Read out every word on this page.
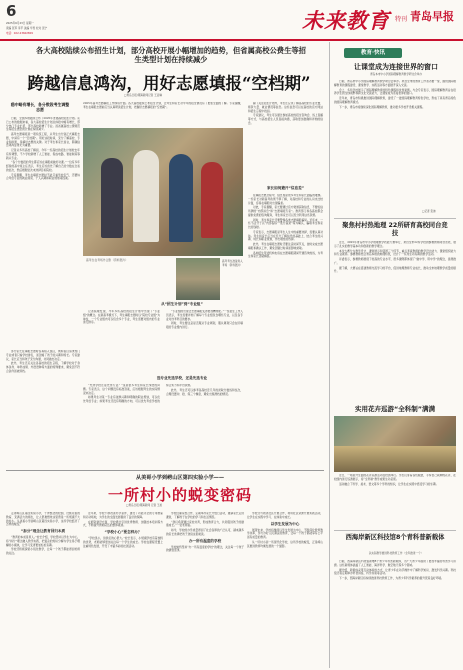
6
2025年6月23日 星期一
责编 张军 李平 美编 毕雪 校对 张宁
电话：022-23602809
未来教育 特刊 青岛早报
各大高校陆续公布招生计划，部分高校开展小幅增加的趋势，但省属高校公费生等招生类型计划在持续减少
跨越信息鸿沟，用好志愿填报“空档期”
□青岛日报/观海新闻记者 王亚琳
稳中略有增长，各分数段考生调整志愿

日前，全国多地陆续公布了2025年普通高校招生计划。从已公布的数据来看，各大高校招生计划总体稳中略有增长，部分热门专业扩招，部分高校新增了专业。而省属高校公费师范生等招生类型的计划在持续减少。

高考志愿填报是一项系统工程，从考生出分到正式填报志愿，中间有一个“空档期”。用好这段时间，充分了解高校、专业和政策，是填好志愿的关键。对于考生和家长而言，跨越信息鸿沟显得尤为重要。

记者从多所高校了解到，今年一些高校的招生计划较去年有所调整，不少学校新增了人工智能、集成电路、智能制造等新兴专业。

“各个分数段的考生都应该在填报前做好功课。”一位有多年经验的高中班主任表示，考生应该首先了解自己的分数在全省的位次，然后根据位次来选择目标院校。

专家提醒，考生在填报志愿时不能只看学校名气，还要综合考虑专业的就业前景、个人兴趣和职业规划等因素。

部分家长在填报志愿时容易陷入误区，例如盲目追求热门专业或者只看学校排名，而忽略了孩子的兴趣和特长。专家建议，家长应当和孩子充分沟通，共同做出决定。

此外，考生还应关注各高校的招生章程，了解学校对于身体条件、单科成绩、外语语种等方面的特殊要求，避免因不符合条件而被退档。

2025年高考志愿填报工作即将开始。各大高校陆续公布招生计划，让考生和家长对今年的招生情况有了更加全面的了解。专家提醒，考生在填报志愿前应当认真研读招生计划，把握好志愿填报的“空档期”。

高考生在考场外合影（资料图片）	高考考生准备进入考场（资料图片）
从“招生计划”到“专业组”

记者梳理发现，今年多所高校的招生计划中出现了“专业组”的概念。在新高考模式下，考生填报志愿时以“院校专业组”为单位，一个专业组内可以包含多个专业，考生需要对组内的专业进行排序。

“专业组的出现让志愿填报变得更加精细化。”一位招生工作人员表示，考生需要详细了解每个专业组包含哪些专业，以及各专业对选考科目的要求。

同时，考生要注意是否服从专业调剂，服从调剂只会在所填报的专业组内进行。

选专业先选学校，还是先选专业

“先选学校还是先选专业？”这是很多考生和家长纠结的问题。专家表示，这个问题没有标准答案，应该根据考生的实际情况来决定。

如果考生对某一专业有浓厚兴趣和明确的职业规划，可以优先考虑专业；如果考生还没有明确的方向，可以优先考虑学校的综合实力和平台资源。

此外，考生还可以参考各高校近几年的录取分数线和位次，合理设置冲、稳、保三个梯度，避免出现滑档的情况。

除了关注招生计划外，考生还应该了解各高校的专业设置、师资力量、就业情况等信息。这些信息可以在高校的官方网站和招生章程中找到。

专家建议，考生可以通过参加高校的招生咨询会、线上直播等方式，与高校招生人员直接沟通，获取更加准确和详细的信息。

家长如何避开“信息差”

在填报志愿过程中，信息差是很多考生和家长面临的难题。一些家长对新高考政策不够了解，对高校和专业的认识也比较片面，容易在填报时出现偏差。

对此，专家提醒，家长要通过官方渠道获取信息，不要轻信所谓的“内部消息”和“志愿填报专家”。教育部门和各高校都会提供免费的咨询服务，考生和家长可以充分利用这些资源。

同时，考生和家长还要警惕各类志愿填报骗局。近年来，一些不法分子以“内部指标”“低分高录”等为噱头，骗取考生和家长的钱财。

专家表示，志愿填报是考生人生中的重要选择，需要认真对待。考生和家长应当在充分了解信息的基础上，结合考生的兴趣、特长和职业规划，作出理性的选择。

此外，考生在填报志愿时还要注意时间节点，按时完成志愿填报和确认工作，避免因错过时间而影响录取。

各地招生考试机构也将在志愿填报期间开通咨询热线，为考生和家长答疑解惑。

从美哥小学到崂山区第四实验小学——
一所村小的蜕变密码
□青岛日报/观海新闻 记者 王旭

走进崂山区第四实验小学，干净整洁的校园、设施完善的教室、充满活力的师生，让人很难想象这里曾是一所规模不大的村小。从美哥小学到崂山区第四实验小学，这所学校经历了怎样的蜕变？

“拆分”理念让教育回归本质

“教育的本质是育人。”校长介绍，学校坚持以学生为中心，将“拆分”理念融入教学实践，把复杂的知识分解为学生易于理解的小模块，让学习变得更加轻松有趣。

学校还积极探索小班化教学，让每一个孩子都能得到老师的关注。

近年来，学校不断改善办学条件，建设了功能齐全的专用教室和运动场地，为学生的全面发展提供了良好的保障。

在师资建设方面，学校通过引进优秀教师、加强校本培训等方式，不断提升教师队伍的整体素质。

“学校小心”要怎样办？

“学校虽小，但我们的心很大。”校长表示，小规模学校有着独特的优势，老师能够更加关注每一个学生的成长。学校在课程设置上注重特色发展，开设了丰富多彩的社团活动。

学校注重家校合作，定期举办家长开放日活动，邀请家长走进课堂，了解孩子在学校的学习和生活情况。

“我们希望通过家校共育，形成教育合力，共同促进孩子的健康成长。”一位老师说。

如今，学校的办学质量得到了社会各界的广泛认可，越来越多的家长选择把孩子送到这里就读。

办一所有温度的学校

学校始终坚持“办一所有温度的学校”的理念，关注每一个孩子的情感需求。

学校还与周边社区开展合作，利用社区资源开展实践活动，让学生在实践中学习、在体验中成长。

以学生发展为中心

展望未来，学校将继续以学生发展为中心，不断深化教育教学改革，努力办好人民满意的教育，让每一个孩子都能享有公平而有质量的教育。

从一所村小到一所现代化学校，这所学校的蜕变，正是崂山区推进教育均衡发展的一个缩影。

教育·快讯
让课堂成为连接世界的窗口
青岛本市中小学国际理解教育教学研讨会举办

日前，青岛市中小学国际理解教育教学研讨会举办。来自全市的教育工作者齐聚一堂，围绕国际理解教育的课程建设、课堂教学、实践活动等方面展开深入交流。

会上，多所学校展示了国际理解教育的特色课程和优秀案例。与会专家表示，国际理解教育旨在培养学生的全球视野和跨文化交流能力，让课堂成为连接世界的窗口。

近年来，青岛市积极推进国际理解教育，建设了一批国际理解教育特色学校，形成了具有青岛特色的国际理解教育模式。

下一步，青岛市将继续深化国际理解教育，推动更多学校开设相关课程。

□记者 张迪
聚焦村村热地理 22所研育高校同台竞技

近日，2025年青岛市中小学地理教学技能大赛举行，来自全市22所学校的参赛教师同台竞技，展示了扎实的教学基本功和创新的教学理念。

本次大赛分为教学设计、课堂展示和答辩三个环节，重点考查教师的教学设计能力、课堂组织能力和专业素养。参赛教师结合青岛本地的地理特色，设计了一系列生动有趣的教学活动。

评委表示，参赛教师展现了较高的专业水平，很多课例都体现了“做中学、用中学”的理念，值得推广。

据了解，大赛旨在搭建教师交流学习的平台，促进地理教师专业成长，推动全市地理教学质量的提升。

实用花卉巡游“全科制”满满

近日，一场别开生面的花卉巡游活动在校园举行。学生们身着各色服装，手持自己栽种的花卉，在校园内进行巡游展示，将“全科制”教学成果生动呈现。

活动融合了科学、美术、语文等多个学科的知识，让学生在实践中感受学习的乐趣。

西海岸新区科技馆8个青科普新载体
以实际教学推进科技教育工作（全年推进一个）

日前，西海岸新区科技馆新增8个青少年科普新载体，为广大青少年提供了更加丰富的科普学习资源。这些新载体涵盖了人工智能、海洋科学、航空航天等多个领域。

据介绍，新载体采用互动体验的方式，让青少年在动手操作中了解科学知识、激发科学兴趣。科技馆还将定期举办科普讲座、科学实验等活动。

下一步，西海岸新区将持续推进科技教育工作，为青少年科学素养的提升营造良好环境。
